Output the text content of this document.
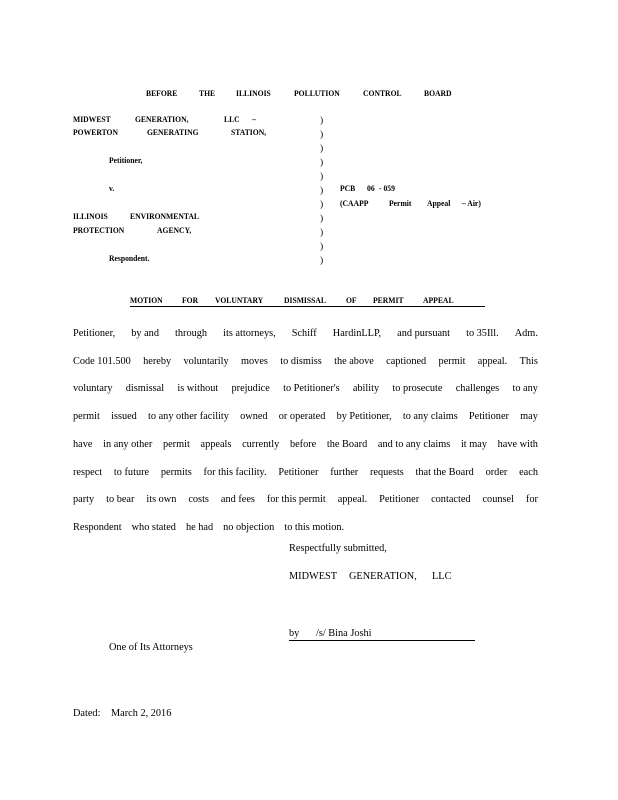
BEFORE	THE	ILLINOIS	POLLUTION	CONTROL	BOARD
MIDWEST	GENERATION,	LLC –
POWERTON	GENERATING	STATION,
Petitioner,
v.
ILLINOIS	ENVIRONMENTAL
PROTECTION	AGENCY,
Respondent.
)
)
)
)
)
)
)
)
)
)
)
PCB 06 - 059
(CAAPP Permit Appeal – Air)
MOTION FOR VOLUNTARY DISMISSAL OF PERMIT APPEAL
Petitioner, by and through its attorneys, Schiff HardinLLP, and pursuant to 35Ill. Adm.
Code 101.500 hereby voluntarily moves to dismiss the above captioned permit appeal. This
voluntary dismissal is without prejudice to Petitioner's ability to prosecute challenges to any
permit issued to any other facility owned or operated by Petitioner, to any claims Petitioner may
have in any other permit appeals currently before the Board and to any claims it may have with
respect to future permits for this facility. Petitioner further requests that the Board order each
party to bear its own costs and fees for this permit appeal. Petitioner contacted counsel for
Respondent who stated he had no objection to this motion.
Respectfully submitted,
MIDWEST GENERATION, LLC
by /s/ Bina Joshi
One of Its Attorneys
Dated: March 2, 2016
